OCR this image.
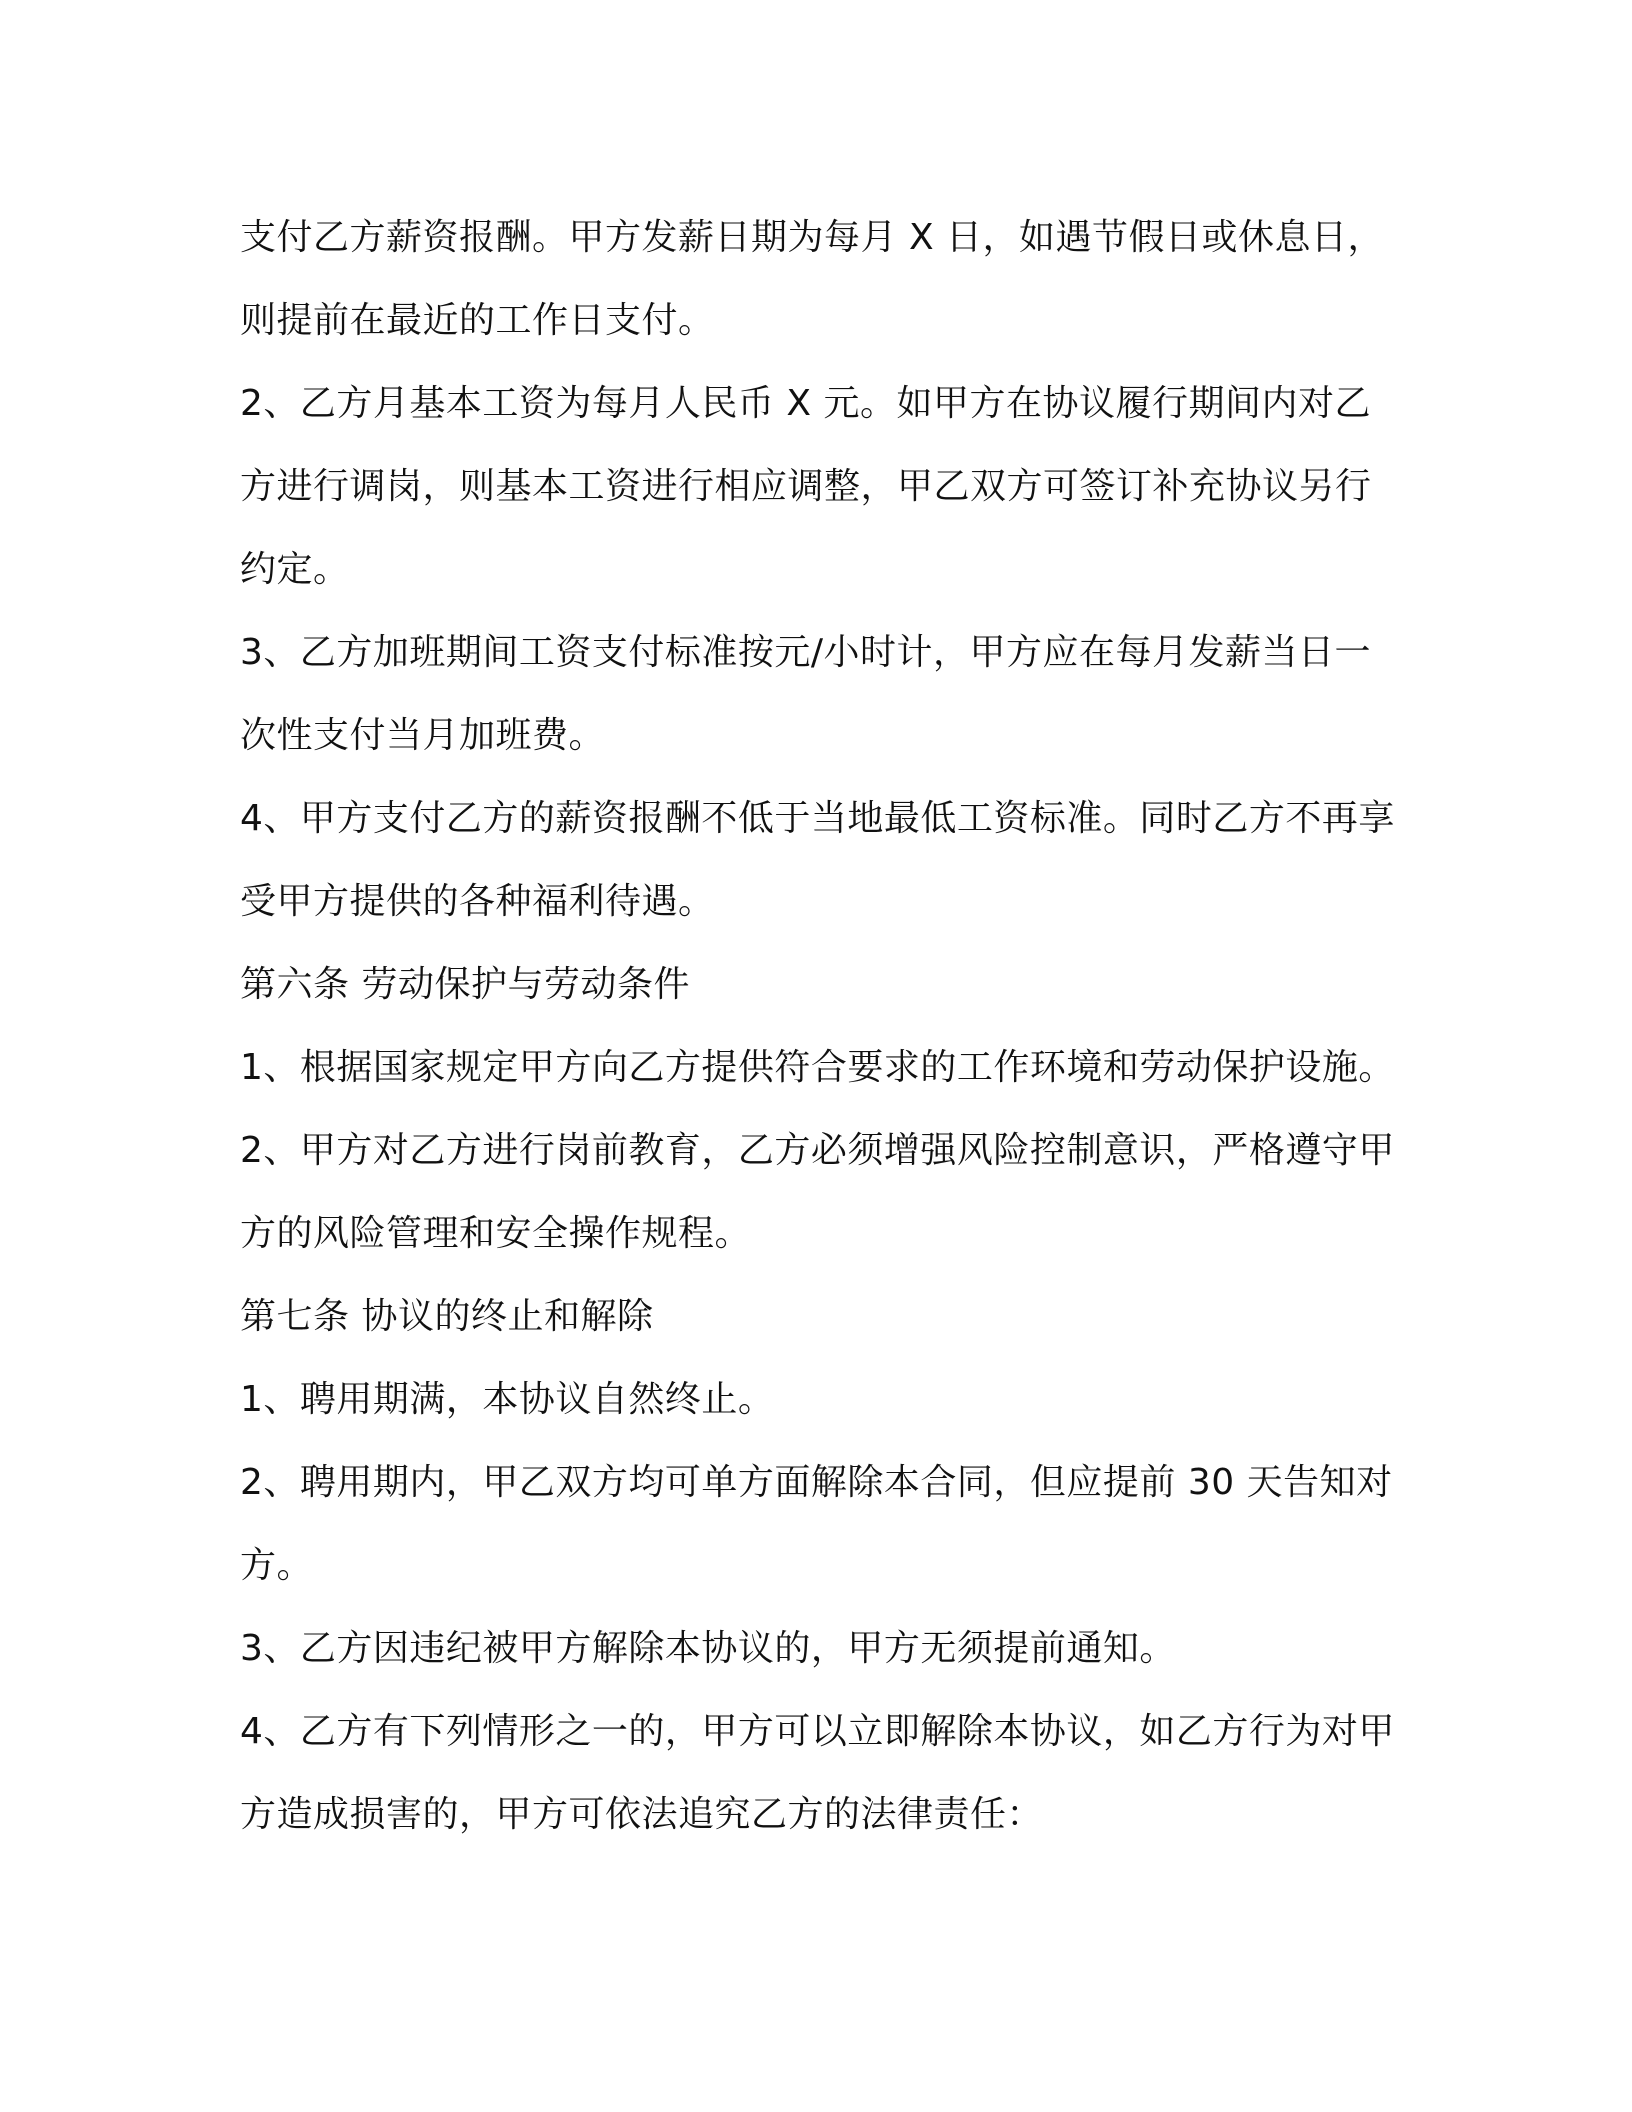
支付乙方薪资报酬。甲方发薪日期为每月 X 日，如遇节假日或休息日，则提前在最近的工作日支付。

2、乙方月基本工资为每月人民币 X 元。如甲方在协议履行期间内对乙方进行调岗，则基本工资进行相应调整，甲乙双方可签订补充协议另行约定。

3、乙方加班期间工资支付标准按元/小时计，甲方应在每月发薪当日一次性支付当月加班费。

4、甲方支付乙方的薪资报酬不低于当地最低工资标准。同时乙方不再享受甲方提供的各种福利待遇。

第六条 劳动保护与劳动条件

1、根据国家规定甲方向乙方提供符合要求的工作环境和劳动保护设施。

2、甲方对乙方进行岗前教育，乙方必须增强风险控制意识，严格遵守甲方的风险管理和安全操作规程。

第七条 协议的终止和解除

1、聘用期满，本协议自然终止。

2、聘用期内，甲乙双方均可单方面解除本合同，但应提前 30 天告知对方。

3、乙方因违纪被甲方解除本协议的，甲方无须提前通知。

4、乙方有下列情形之一的，甲方可以立即解除本协议，如乙方行为对甲方造成损害的，甲方可依法追究乙方的法律责任：
